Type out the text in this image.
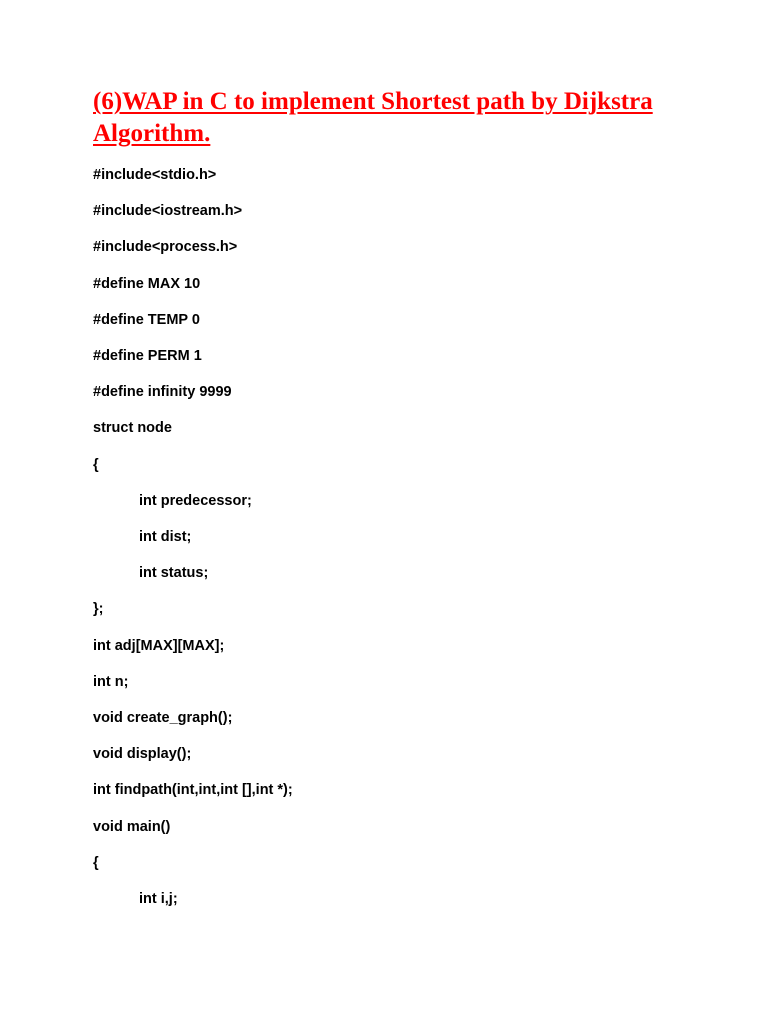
(6)WAP in C to implement Shortest path by Dijkstra Algorithm.
#include<stdio.h>
#include<iostream.h>
#include<process.h>
#define MAX 10
#define TEMP 0
#define PERM 1
#define infinity 9999
struct node
{
int predecessor;
int dist;
int status;
};
int adj[MAX][MAX];
int n;
void create_graph();
void display();
int findpath(int,int,int [],int *);
void main()
{
int i,j;
